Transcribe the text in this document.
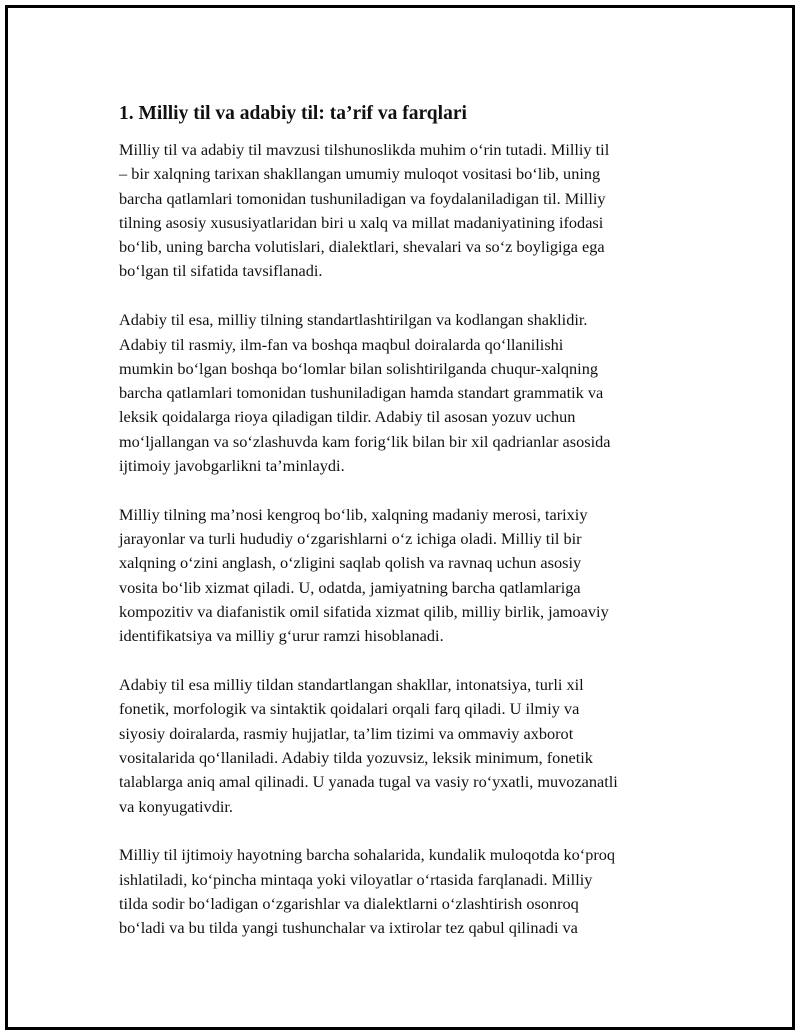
1. Milliy til va adabiy til: ta’rif va farqlari
Milliy til va adabiy til mavzusi tilshunoslikda muhim o‘rin tutadi. Milliy til
– bir xalqning tarixan shakllangan umumiy muloqot vositasi bo‘lib, uning
barcha qatlamlari tomonidan tushuniladigan va foydalaniladigan til. Milliy
tilning asosiy xususiyatlaridan biri u xalq va millat madaniyatining ifodasi
bo‘lib, uning barcha volutislari, dialektlari, shevalari va so‘z boyligiga ega
bo‘lgan til sifatida tavsiflanadi.
Adabiy til esa, milliy tilning standartlashtirilgan va kodlangan shaklidir.
Adabiy til rasmiy, ilm-fan va boshqa maqbul doiralarda qo‘llanilishi
mumkin bo‘lgan boshqa bo‘lomlar bilan solishtirilganda chuqur-xalqning
barcha qatlamlari tomonidan tushuniladigan hamda standart grammatik va
leksik qoidalarga rioya qiladigan tildir. Adabiy til asosan yozuv uchun
mo‘ljallangan va so‘zlashuvda kam forig‘lik bilan bir xil qadrianlar asosida
ijtimoiy javobgarlikni ta’minlaydi.
Milliy tilning ma’nosi kengroq bo‘lib, xalqning madaniy merosi, tarixiy
jarayonlar va turli hududiy o‘zgarishlarni o‘z ichiga oladi. Milliy til bir
xalqning o‘zini anglash, o‘zligini saqlab qolish va ravnaq uchun asosiy
vosita bo‘lib xizmat qiladi. U, odatda, jamiyatning barcha qatlamlariga
kompozitiv va diafanistik omil sifatida xizmat qilib, milliy birlik, jamoaviy
identifikatsiya va milliy g‘urur ramzi hisoblanadi.
Adabiy til esa milliy tildan standartlangan shakllar, intonatsiya, turli xil
fonetik, morfologik va sintaktik qoidalari orqali farq qiladi. U ilmiy va
siyosiy doiralarda, rasmiy hujjatlar, ta’lim tizimi va ommaviy axborot
vositalarida qo‘llaniladi. Adabiy tilda yozuvsiz, leksik minimum, fonetik
talablarga aniq amal qilinadi. U yanada tugal va vasiy ro‘yxatli, muvozanatli
va konyugativdir.
Milliy til ijtimoiy hayotning barcha sohalarida, kundalik muloqotda ko‘proq
ishlatiladi, ko‘pincha mintaqa yoki viloyatlar o‘rtasida farqlanadi. Milliy
tilda sodir bo‘ladigan o‘zgarishlar va dialektlarni o‘zlashtirish osonroq
bo‘ladi va bu tilda yangi tushunchalar va ixtirolar tez qabul qilinadi va
